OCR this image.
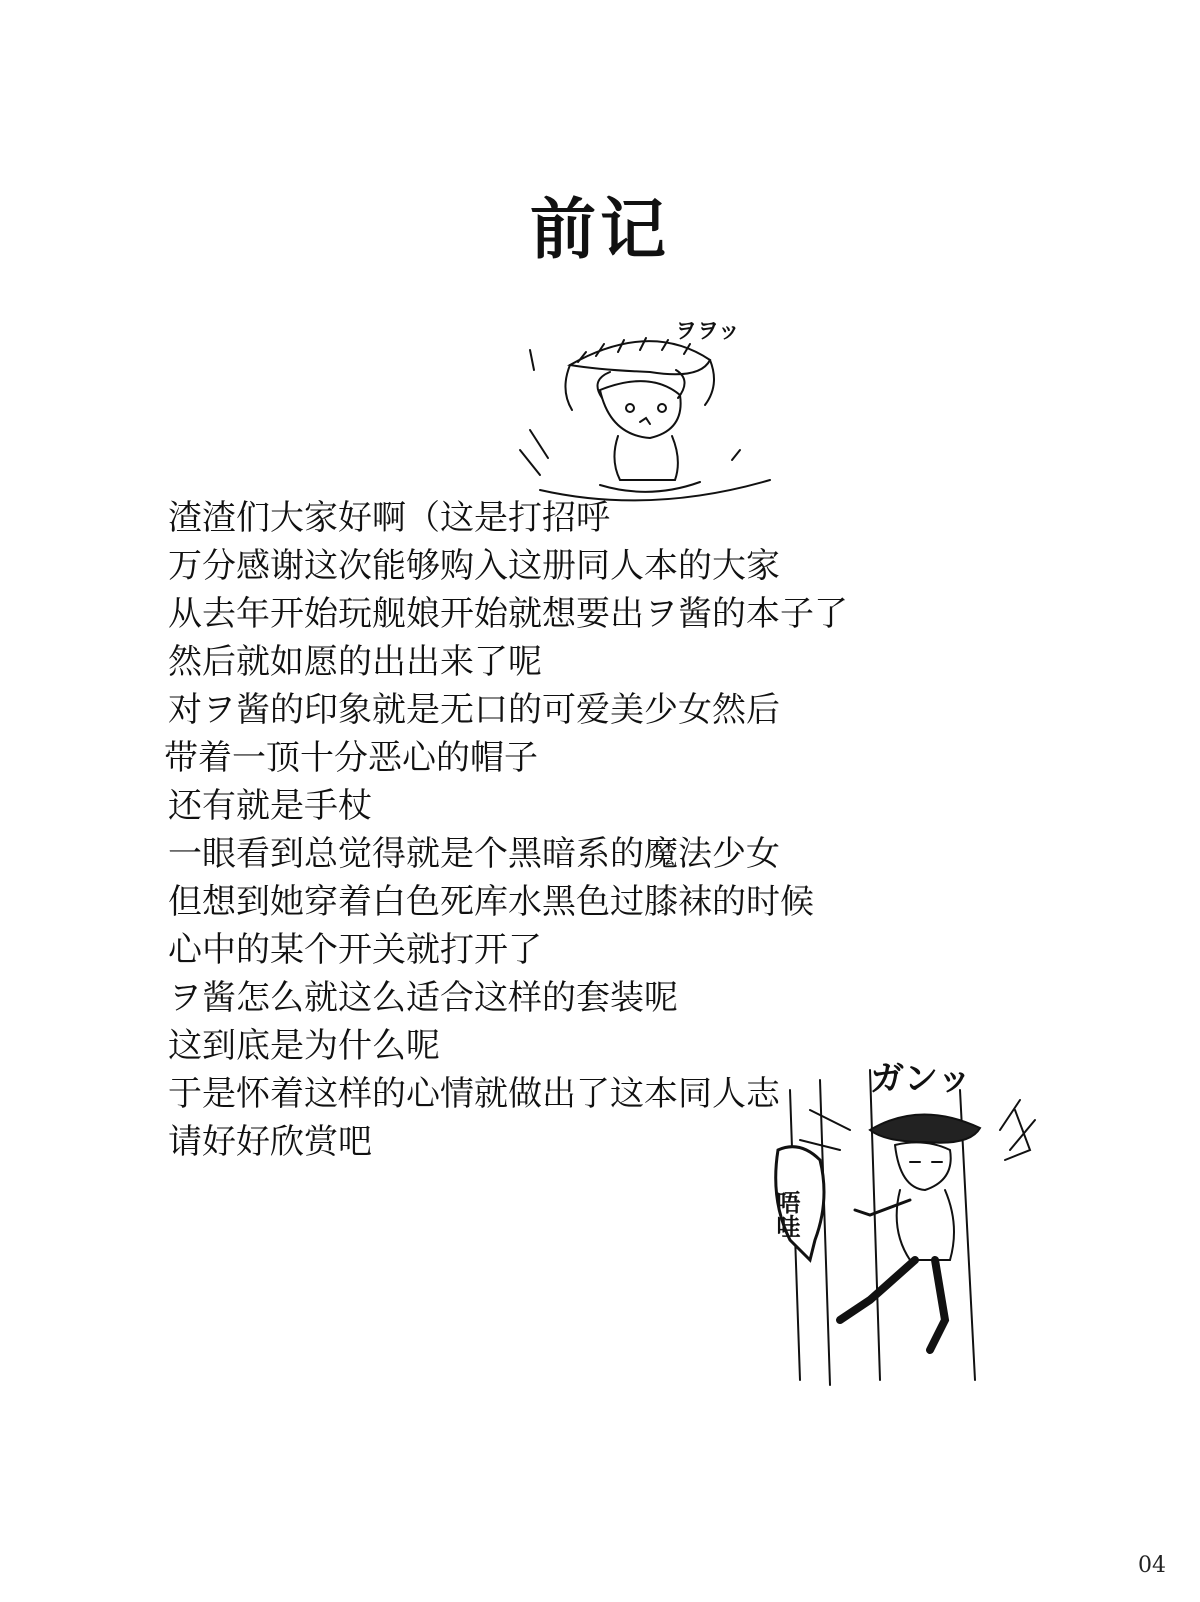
前记
ヲヲッ
渣渣们大家好啊（这是打招呼
万分感谢这次能够购入这册同人本的大家
从去年开始玩舰娘开始就想要出ヲ酱的本子了
然后就如愿的出出来了呢
对ヲ酱的印象就是无口的可爱美少女然后
带着一顶十分恶心的帽子
还有就是手杖
一眼看到总觉得就是个黑暗系的魔法少女
但想到她穿着白色死库水黑色过膝袜的时候
心中的某个开关就打开了
ヲ酱怎么就这么适合这样的套装呢
这到底是为什么呢
于是怀着这样的心情就做出了这本同人志
请好好欣赏吧
唔哇
ガンッ
04
